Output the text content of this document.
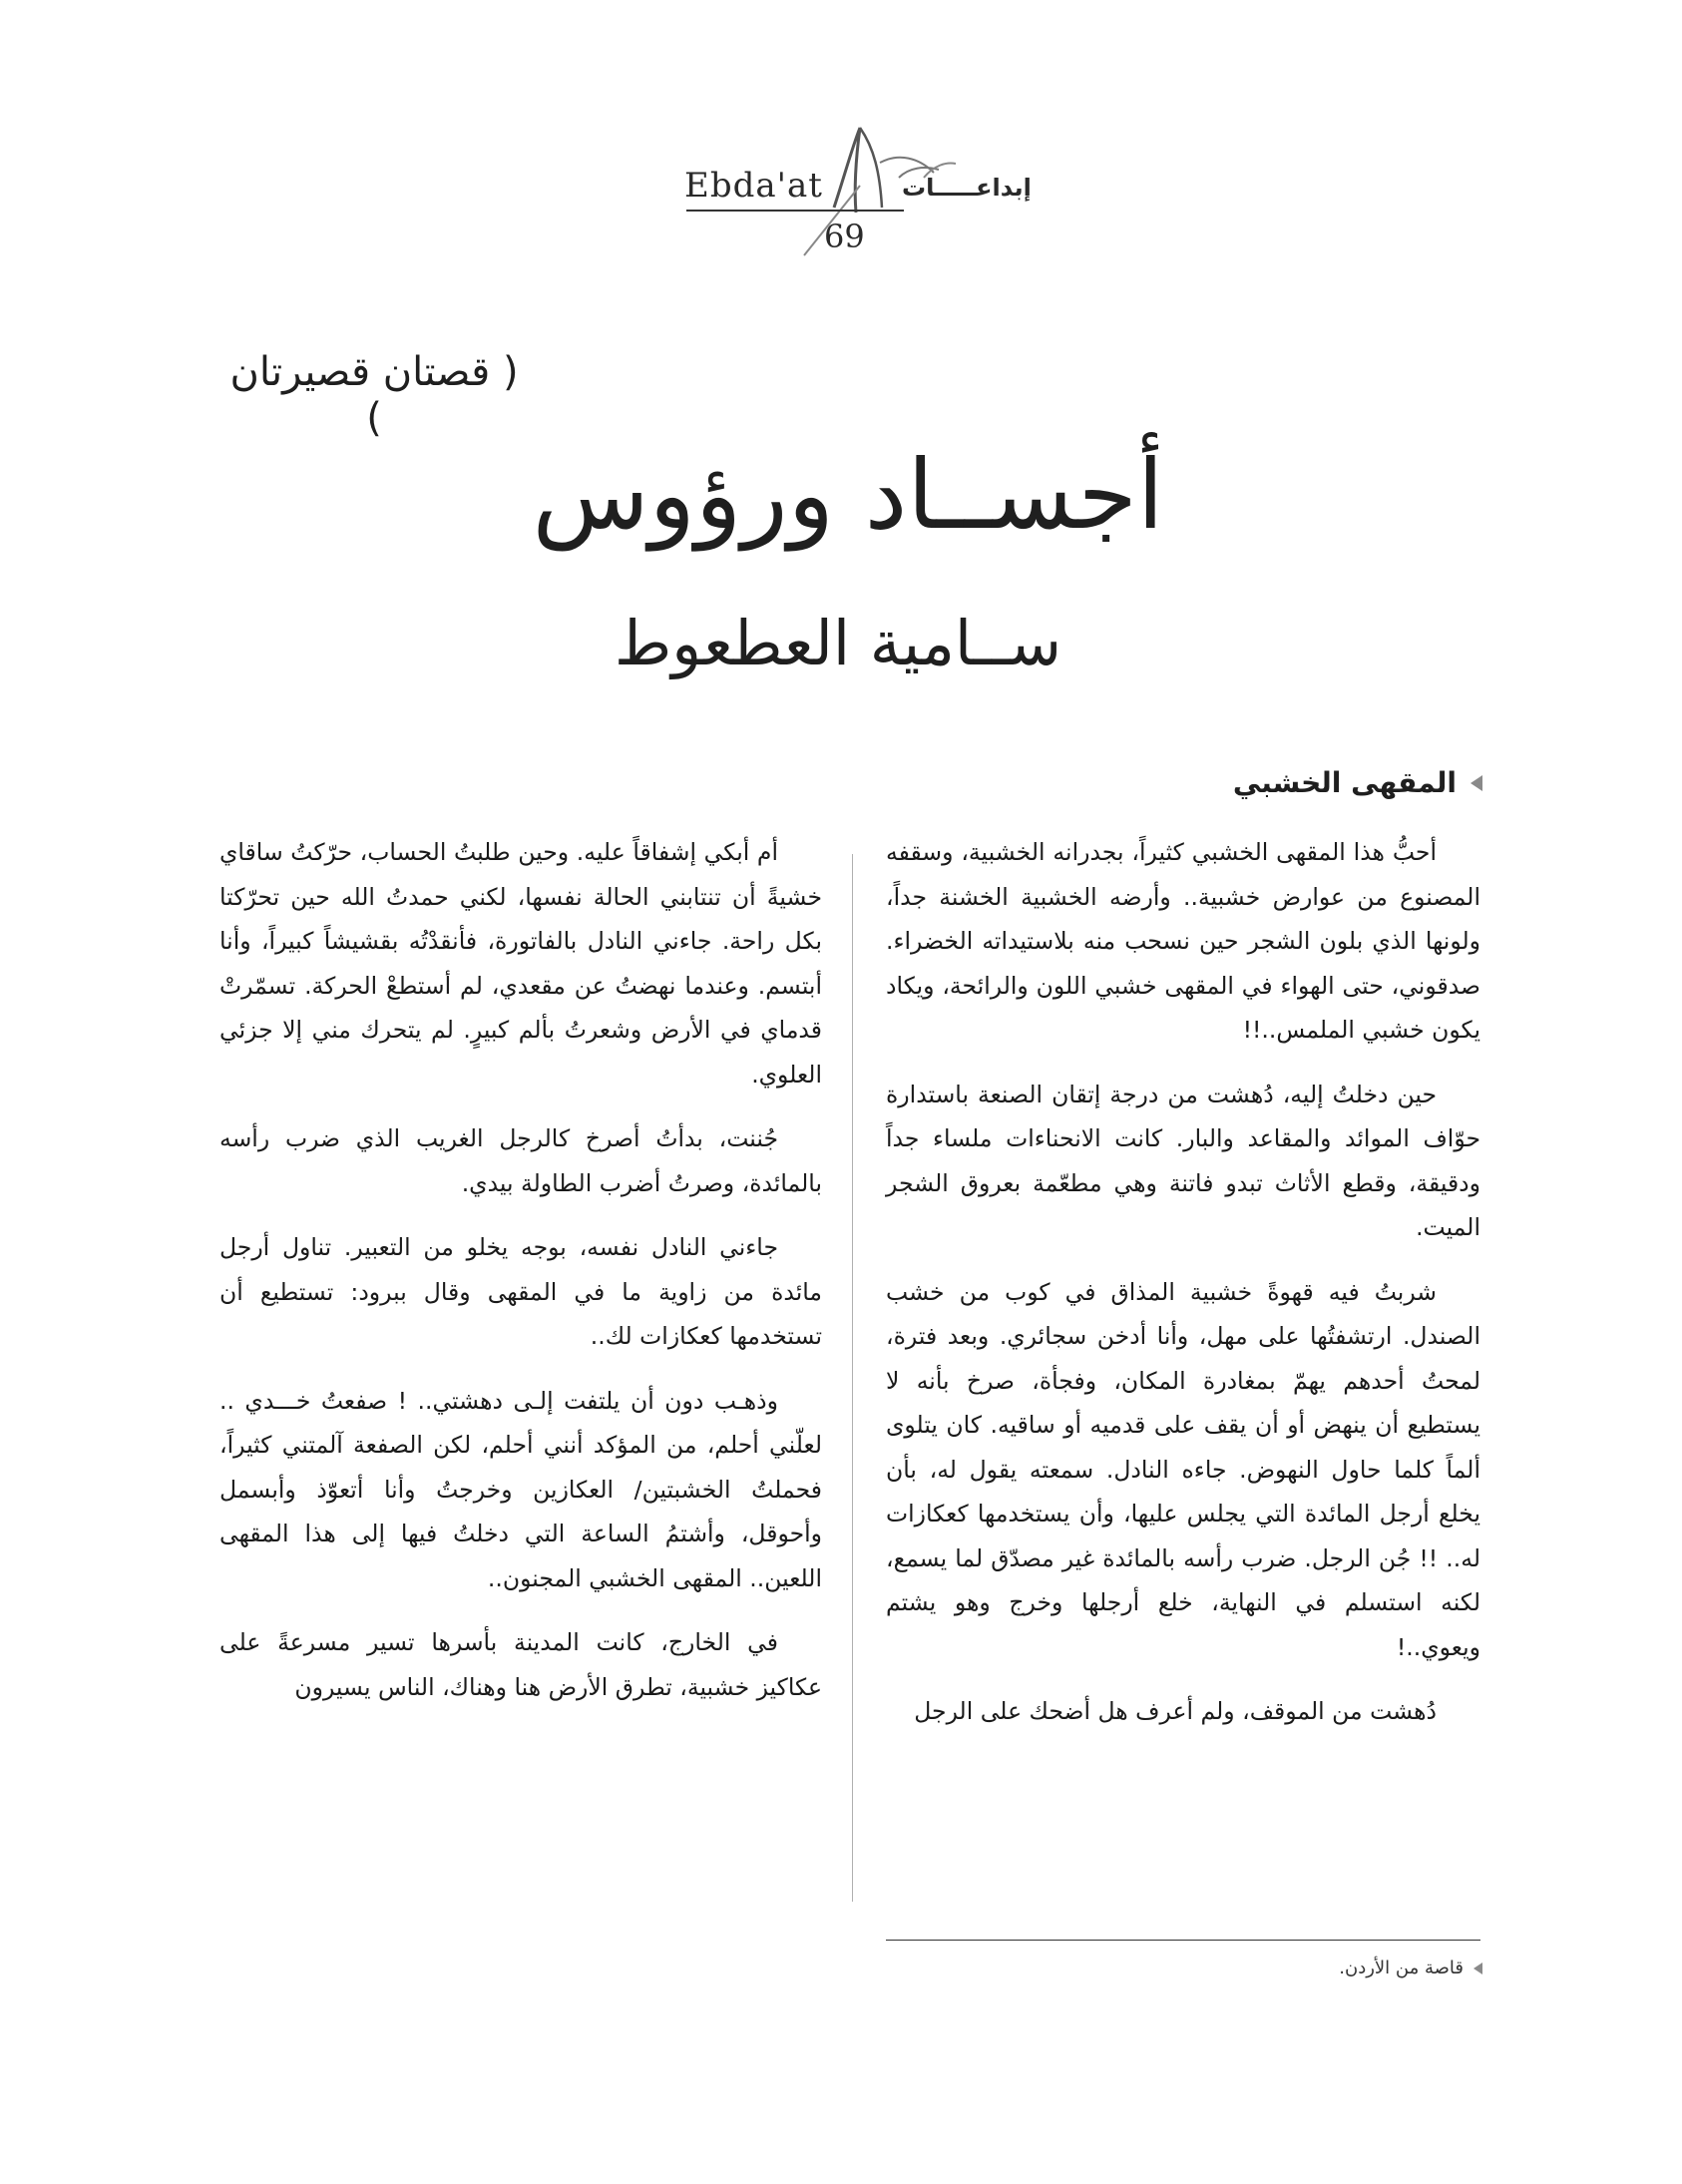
Ebda'at	إبداعـــــات
69
( قصتان قصيرتان )
أجســاد ورؤوس
ســامية العطعوط
المقهى الخشبي

أحبُّ هذا المقهى الخشبي كثيراً، بجدرانه الخشبية، وسقفه المصنوع من عوارض خشبية.. وأرضه الخشبية الخشنة جداً، ولونها الذي بلون الشجر حين نسحب منه بلاستيداته الخضراء. صدقوني، حتى الهواء في المقهى خشبي اللون والرائحة، ويكاد يكون خشبي الملمس..!!

حين دخلتُ إليه، دُهشت من درجة إتقان الصنعة باستدارة حوّاف الموائد والمقاعد والبار. كانت الانحناءات ملساء جداً ودقيقة، وقطع الأثاث تبدو فاتنة وهي مطعّمة بعروق الشجر الميت.

شربتُ فيه قهوةً خشبية المذاق في كوب من خشب الصندل. ارتشفتُها على مهل، وأنا أدخن سجائري. وبعد فترة، لمحتُ أحدهم يهمّ بمغادرة المكان، وفجأة، صرخ بأنه لا يستطيع أن ينهض أو أن يقف على قدميه أو ساقيه. كان يتلوى ألماً كلما حاول النهوض. جاءه النادل. سمعته يقول له، بأن يخلع أرجل المائدة التي يجلس عليها، وأن يستخدمها كعكازات له.. !! جُن الرجل. ضرب رأسه بالمائدة غير مصدّق لما يسمع، لكنه استسلم في النهاية، خلع أرجلها وخرج وهو يشتم ويعوي..!

دُهشت من الموقف، ولم أعرف هل أضحك على الرجل

أم أبكي إشفاقاً عليه. وحين طلبتُ الحساب، حرّكتُ ساقاي خشيةً أن تنتابني الحالة نفسها، لكني حمدتُ الله حين تحرّكتا بكل راحة. جاءني النادل بالفاتورة، فأنقدْتُه بقشيشاً كبيراً، وأنا أبتسم. وعندما نهضتُ عن مقعدي، لم أستطعْ الحركة. تسمّرتْ قدماي في الأرض وشعرتُ بألم كبيرٍ. لم يتحرك مني إلا جزئي العلوي.

جُننت، بدأتُ أصرخ كالرجل الغريب الذي ضرب رأسه بالمائدة، وصرتُ أضرب الطاولة بيدي.

جاءني النادل نفسه، بوجه يخلو من التعبير. تناول أرجل مائدة من زاوية ما في المقهى وقال ببرود: تستطيع أن تستخدمها كعكازات لك..

وذهـب دون أن يلتفت إلـى دهشتي.. ! صفعتُ خـــدي .. لعلّني أحلم، من المؤكد أنني أحلم، لكن الصفعة آلمتني كثيراً، فحملتُ الخشبتين/ العكازين وخرجتُ وأنا أتعوّذ وأبسمل وأحوقل، وأشتمُ الساعة التي دخلتُ فيها إلى هذا المقهى اللعين.. المقهى الخشبي المجنون..

في الخارج، كانت المدينة بأسرها تسير مسرعةً على عكاكيز خشبية، تطرق الأرض هنا وهناك، الناس يسيرون

قاصة من الأردن.
